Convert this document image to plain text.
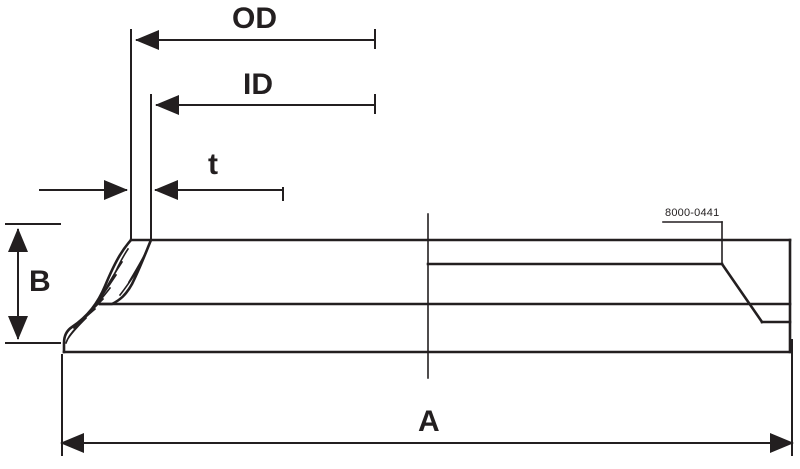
OD
ID
t
B
A
8000-0441
